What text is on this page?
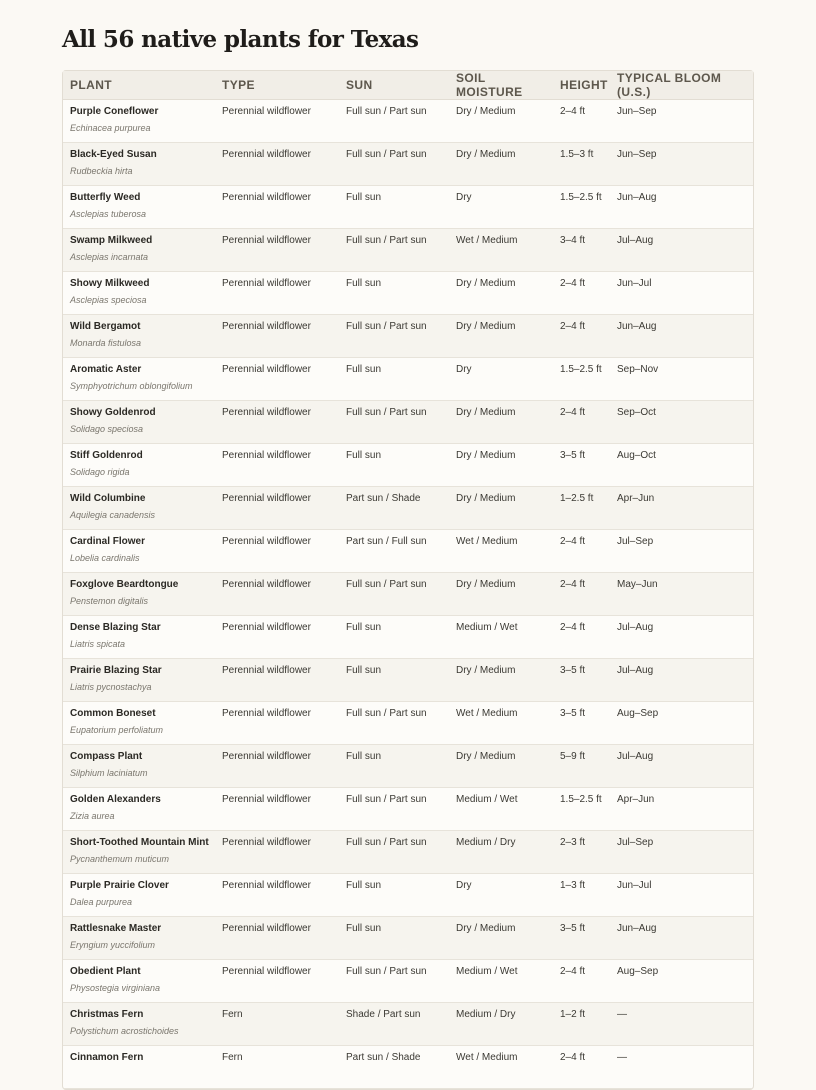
All 56 native plants for Texas
PLANT	TYPE	SUN	SOIL MOISTURE	HEIGHT	TYPICAL BLOOM (U.S.)

Purple Coneflower
Echinacea purpurea	Perennial wildflower	Full sun / Part sun	Dry / Medium	2–4 ft	Jun–Sep

Black-Eyed Susan
Rudbeckia hirta	Perennial wildflower	Full sun / Part sun	Dry / Medium	1.5–3 ft	Jun–Sep

Butterfly Weed
Asclepias tuberosa	Perennial wildflower	Full sun	Dry	1.5–2.5 ft	Jun–Aug

Swamp Milkweed
Asclepias incarnata	Perennial wildflower	Full sun / Part sun	Wet / Medium	3–4 ft	Jul–Aug

Showy Milkweed
Asclepias speciosa	Perennial wildflower	Full sun	Dry / Medium	2–4 ft	Jun–Jul

Wild Bergamot
Monarda fistulosa	Perennial wildflower	Full sun / Part sun	Dry / Medium	2–4 ft	Jun–Aug

Aromatic Aster
Symphyotrichum oblongifolium	Perennial wildflower	Full sun	Dry	1.5–2.5 ft	Sep–Nov

Showy Goldenrod
Solidago speciosa	Perennial wildflower	Full sun / Part sun	Dry / Medium	2–4 ft	Sep–Oct

Stiff Goldenrod
Solidago rigida	Perennial wildflower	Full sun	Dry / Medium	3–5 ft	Aug–Oct

Wild Columbine
Aquilegia canadensis	Perennial wildflower	Part sun / Shade	Dry / Medium	1–2.5 ft	Apr–Jun

Cardinal Flower
Lobelia cardinalis	Perennial wildflower	Part sun / Full sun	Wet / Medium	2–4 ft	Jul–Sep

Foxglove Beardtongue
Penstemon digitalis	Perennial wildflower	Full sun / Part sun	Dry / Medium	2–4 ft	May–Jun

Dense Blazing Star
Liatris spicata	Perennial wildflower	Full sun	Medium / Wet	2–4 ft	Jul–Aug

Prairie Blazing Star
Liatris pycnostachya	Perennial wildflower	Full sun	Dry / Medium	3–5 ft	Jul–Aug

Common Boneset
Eupatorium perfoliatum	Perennial wildflower	Full sun / Part sun	Wet / Medium	3–5 ft	Aug–Sep

Compass Plant
Silphium laciniatum	Perennial wildflower	Full sun	Dry / Medium	5–9 ft	Jul–Aug

Golden Alexanders
Zizia aurea	Perennial wildflower	Full sun / Part sun	Medium / Wet	1.5–2.5 ft	Apr–Jun

Short-Toothed Mountain Mint
Pycnanthemum muticum	Perennial wildflower	Full sun / Part sun	Medium / Dry	2–3 ft	Jul–Sep

Purple Prairie Clover
Dalea purpurea	Perennial wildflower	Full sun	Dry	1–3 ft	Jun–Jul

Rattlesnake Master
Eryngium yuccifolium	Perennial wildflower	Full sun	Dry / Medium	3–5 ft	Jun–Aug

Obedient Plant
Physostegia virginiana	Perennial wildflower	Full sun / Part sun	Medium / Wet	2–4 ft	Aug–Sep

Christmas Fern
Polystichum acrostichoides	Fern	Shade / Part sun	Medium / Dry	1–2 ft	—

Cinnamon Fern	Fern	Part sun / Shade	Wet / Medium	2–4 ft	—
